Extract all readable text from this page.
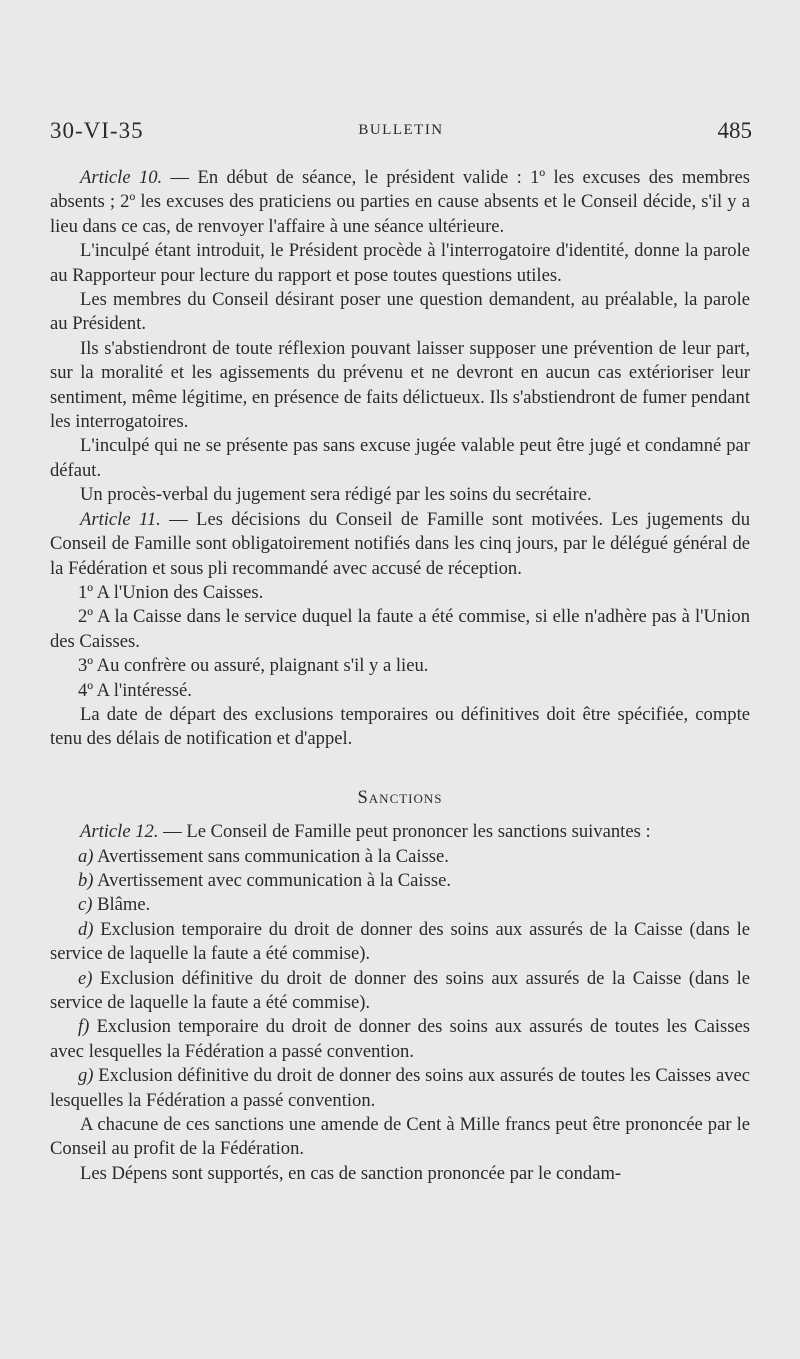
30-VI-35	BULLETIN	485

Article 10. — En début de séance, le président valide : 1º les excuses des membres absents ; 2º les excuses des praticiens ou parties en cause absents et le Conseil décide, s'il y a lieu dans ce cas, de renvoyer l'affaire à une séance ultérieure.

L'inculpé étant introduit, le Président procède à l'interrogatoire d'identité, donne la parole au Rapporteur pour lecture du rapport et pose toutes questions utiles.

Les membres du Conseil désirant poser une question demandent, au préalable, la parole au Président.

Ils s'abstiendront de toute réflexion pouvant laisser supposer une prévention de leur part, sur la moralité et les agissements du prévenu et ne devront en aucun cas extérioriser leur sentiment, même légitime, en présence de faits délictueux. Ils s'abstiendront de fumer pendant les interrogatoires.

L'inculpé qui ne se présente pas sans excuse jugée valable peut être jugé et condamné par défaut.

Un procès-verbal du jugement sera rédigé par les soins du secrétaire.

Article 11. — Les décisions du Conseil de Famille sont motivées. Les jugements du Conseil de Famille sont obligatoirement notifiés dans les cinq jours, par le délégué général de la Fédération et sous pli recommandé avec accusé de réception.

1º A l'Union des Caisses.

2º A la Caisse dans le service duquel la faute a été commise, si elle n'adhère pas à l'Union des Caisses.

3º Au confrère ou assuré, plaignant s'il y a lieu.

4º A l'intéressé.

La date de départ des exclusions temporaires ou définitives doit être spécifiée, compte tenu des délais de notification et d'appel.

Sanctions

Article 12. — Le Conseil de Famille peut prononcer les sanctions suivantes :

a) Avertissement sans communication à la Caisse.

b) Avertissement avec communication à la Caisse.

c) Blâme.

d) Exclusion temporaire du droit de donner des soins aux assurés de la Caisse (dans le service de laquelle la faute a été commise).

e) Exclusion définitive du droit de donner des soins aux assurés de la Caisse (dans le service de laquelle la faute a été commise).

f) Exclusion temporaire du droit de donner des soins aux assurés de toutes les Caisses avec lesquelles la Fédération a passé convention.

g) Exclusion définitive du droit de donner des soins aux assurés de toutes les Caisses avec lesquelles la Fédération a passé convention.

A chacune de ces sanctions une amende de Cent à Mille francs peut être prononcée par le Conseil au profit de la Fédération.

Les Dépens sont supportés, en cas de sanction prononcée par le condam-
